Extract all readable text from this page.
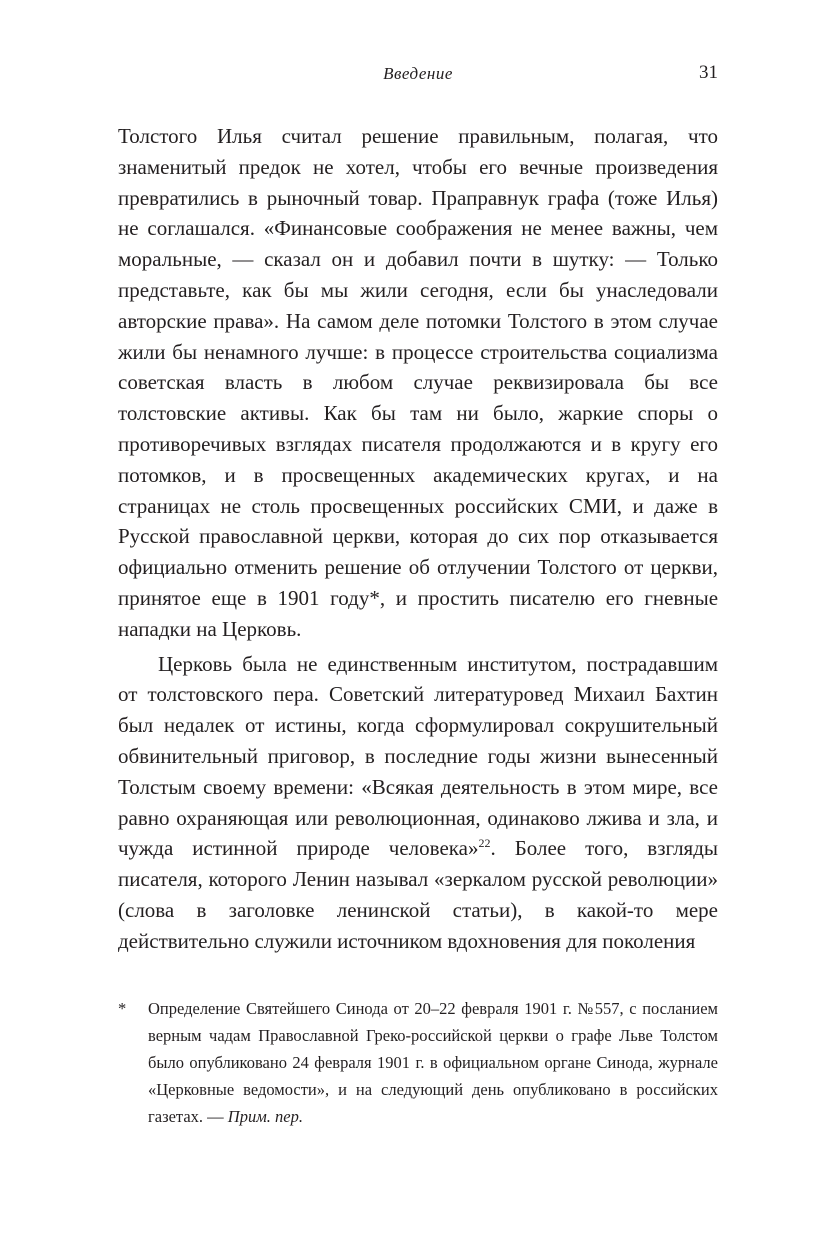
Введение	31

Толстого Илья считал решение правильным, полагая, что знаменитый предок не хотел, чтобы его вечные произведения превратились в рыночный товар. Праправнук графа (тоже Илья) не соглашался. «Финансовые соображения не менее важны, чем моральные, — сказал он и добавил почти в шутку: — Только представьте, как бы мы жили сегодня, если бы унаследовали авторские права». На самом деле потомки Толстого в этом случае жили бы ненамного лучше: в процессе строительства социализма советская власть в любом случае реквизировала бы все толстовские активы. Как бы там ни было, жаркие споры о противоречивых взглядах писателя продолжаются и в кругу его потомков, и в просвещенных академических кругах, и на страницах не столь просвещенных российских СМИ, и даже в Русской православной церкви, которая до сих пор отказывается официально отменить решение об отлучении Толстого от церкви, принятое еще в 1901 году*, и простить писателю его гневные нападки на Церковь.

Церковь была не единственным институтом, пострадавшим от толстовского пера. Советский литературовед Михаил Бахтин был недалек от истины, когда сформулировал сокрушительный обвинительный приговор, в последние годы жизни вынесенный Толстым своему времени: «Всякая деятельность в этом мире, все равно охраняющая или революционная, одинаково лжива и зла, и чужда истинной природе человека»$^{22}$. Более того, взгляды писателя, которого Ленин называл «зеркалом русской революции» (слова в заголовке ленинской статьи), в какой-то мере действительно служили источником вдохновения для поколения

* Определение Святейшего Синода от 20–22 февраля 1901 г. №557, с посланием верным чадам Православной Греко-российской церкви о графе Льве Толстом было опубликовано 24 февраля 1901 г. в официальном органе Синода, журнале «Церковные ведомости», и на следующий день опубликовано в российских газетах. — Прим. пер.
